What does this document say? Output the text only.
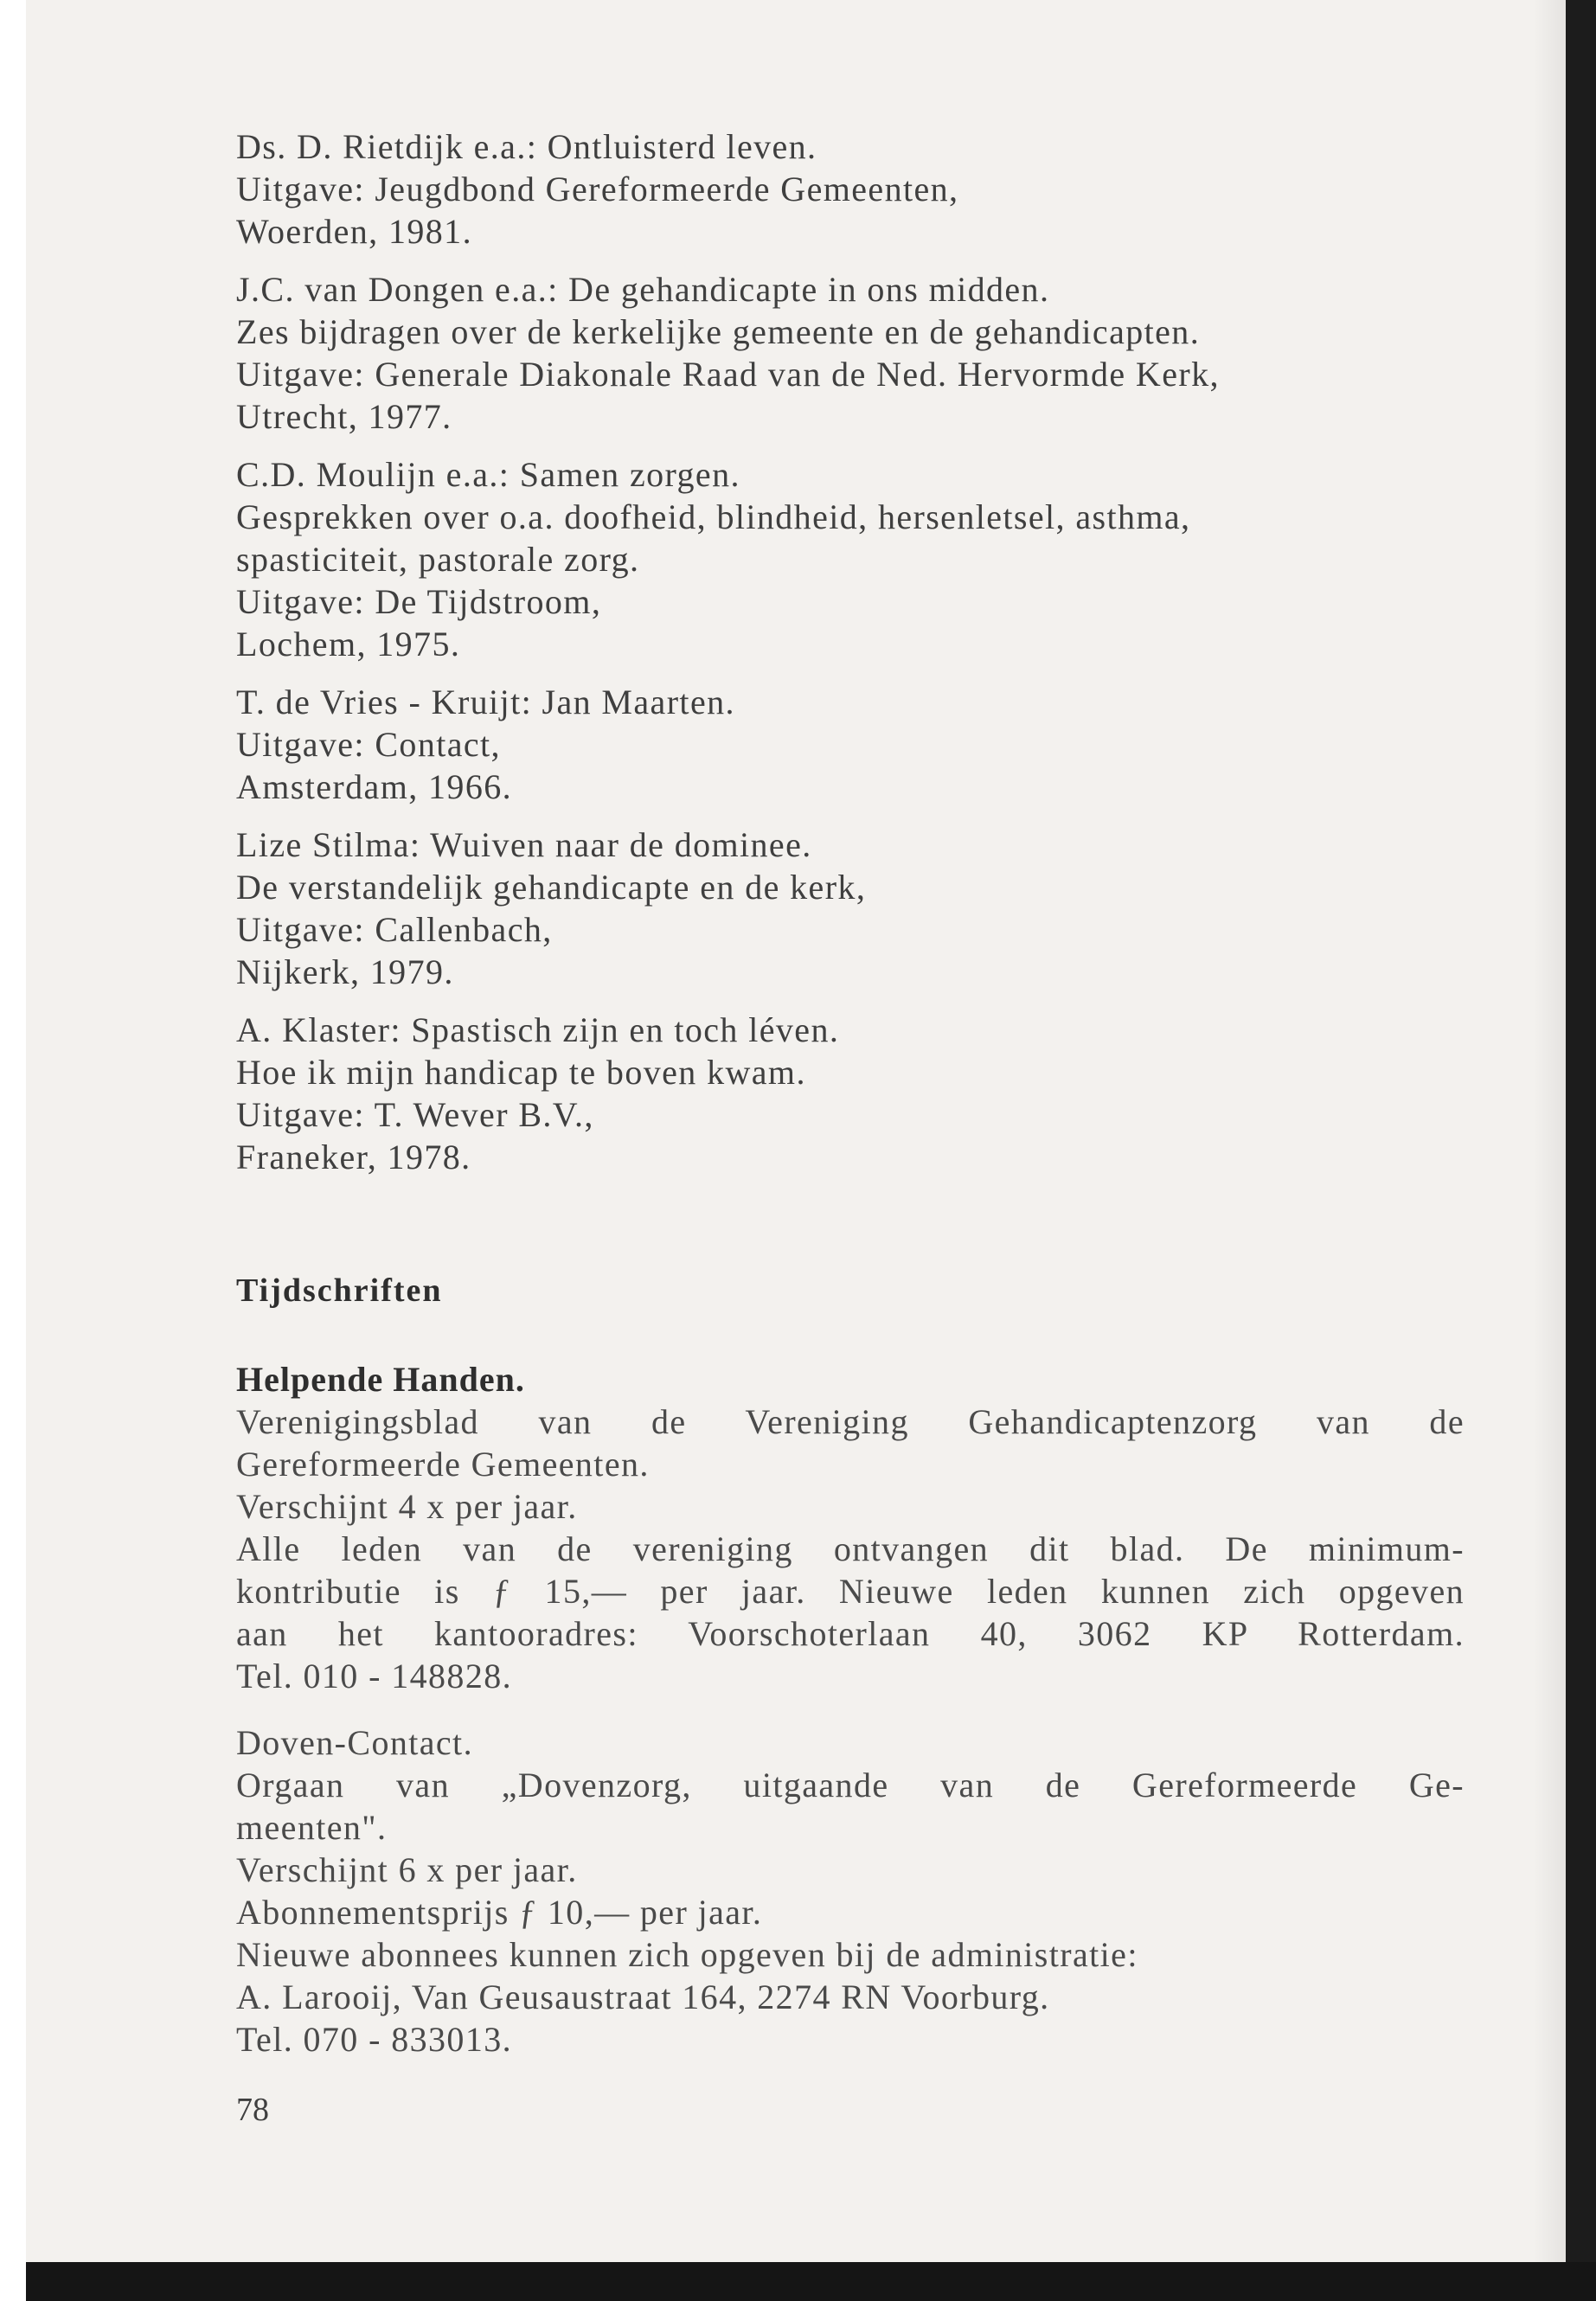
Ds. D. Rietdijk e.a.: Ontluisterd leven.
Uitgave: Jeugdbond Gereformeerde Gemeenten,
Woerden, 1981.
J.C. van Dongen e.a.: De gehandicapte in ons midden.
Zes bijdragen over de kerkelijke gemeente en de gehandicapten.
Uitgave: Generale Diakonale Raad van de Ned. Hervormde Kerk,
Utrecht, 1977.
C.D. Moulijn e.a.: Samen zorgen.
Gesprekken over o.a. doofheid, blindheid, hersenletsel, asthma,
spasticiteit, pastorale zorg.
Uitgave: De Tijdstroom,
Lochem, 1975.
T. de Vries - Kruijt: Jan Maarten.
Uitgave: Contact,
Amsterdam, 1966.
Lize Stilma: Wuiven naar de dominee.
De verstandelijk gehandicapte en de kerk,
Uitgave: Callenbach,
Nijkerk, 1979.
A. Klaster: Spastisch zijn en toch léven.
Hoe ik mijn handicap te boven kwam.
Uitgave: T. Wever B.V.,
Franeker, 1978.
Tijdschriften
Helpende Handen.
Verenigingsblad van de Vereniging Gehandicaptenzorg van de
Gereformeerde Gemeenten.
Verschijnt 4 x per jaar.
Alle leden van de vereniging ontvangen dit blad. De minimum-
kontributie is ƒ 15,— per jaar. Nieuwe leden kunnen zich opgeven
aan het kantooradres: Voorschoterlaan 40, 3062 KP Rotterdam.
Tel. 010 - 148828.
Doven-Contact.
Orgaan van „Dovenzorg, uitgaande van de Gereformeerde Ge-
meenten".
Verschijnt 6 x per jaar.
Abonnementsprijs ƒ 10,— per jaar.
Nieuwe abonnees kunnen zich opgeven bij de administratie:
A. Larooij, Van Geusaustraat 164, 2274 RN Voorburg.
Tel. 070 - 833013.
78
